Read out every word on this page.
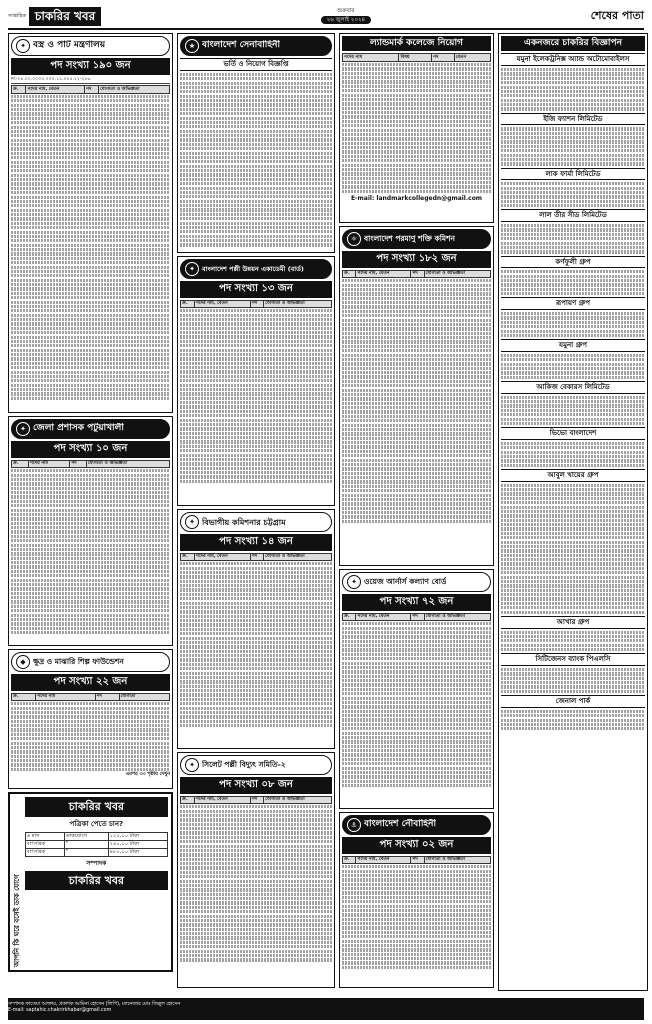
সাপ্তাহিক চাকরির খবর	শুক্রবার
২৬ জুলাই ২০২৪	শেষের পাতা
✦ বস্ত্র ও পাট মন্ত্রণালয়
পদ সংখ্যা ১৯০ জন
নং-২৪.০০.০০০০.০০০.১১.০০৫.২২-২৮৬
ক্র.	পদের নাম, বেতন	পদ	যোগ্যতা ও অভিজ্ঞতা
✦ জেলা প্রশাসক পটুয়াখালী
পদ সংখ্যা ১০ জন
ক্র.	পদের নাম	পদ	যোগ্যতা ও অভিজ্ঞতা
◆ ক্ষুদ্র ও মাঝারি শিল্প ফাউন্ডেশন
পদ সংখ্যা ২২ জন
ক্র.	পদের নাম	পদ	যোগ্যতা
এরপর ৩৩ পৃষ্ঠায় দেখুন
আপনি কি ঘরে বসেই ডাক যোগে
চাকরির খবর
পত্রিকা পেতে চান?
৬ মাস	ডাকযোগে	১২০,০০ টাকা
বাৎসরিক	"	২৪০,০০ টাকা
বাৎসরিক	"	৪৮০,০০ টাকা
সম্পাদক
চাকরির খবর
★ বাংলাদেশ সেনাবাহিনী
ভর্তি ও নিয়োগ বিজ্ঞপ্তি
✦	বাংলাদেশ পল্লী উন্নয়ন একাডেমী (বার্ড)
পদ সংখ্যা ১৩ জন
ক্র.	পদের নাম, বেতন	পদ	যোগ্যতা ও অভিজ্ঞতা
✦ বিভাগীয় কমিশনার চট্টগ্রাম
পদ সংখ্যা ১৪ জন
ক্র.	পদের নাম, বেতন	পদ	যোগ্যতা ও অভিজ্ঞতা
✦ সিলেট পল্লী বিদ্যুৎ সমিতি-২
পদ সংখ্যা ০৮ জন
ক্র.	পদের নাম, বেতন	পদ	যোগ্যতা ও অভিজ্ঞতা
ল্যান্ডমার্ক কলেজে নিয়োগ
পদের নাম	বিষয়	পদ	বেতন
E-mail: landmarkcollegedn@gmail.com
⚛ বাংলাদেশ পরমাণু শক্তি কমিশন
পদ সংখ্যা ১৮২ জন
ক্র.	পদের নাম, বেতন	পদ	যোগ্যতা ও অভিজ্ঞতা
✦ ওয়েজ আর্নার্স কল্যাণ বোর্ড
পদ সংখ্যা ৭২ জন
ক্র.	পদের নাম, বেতন	পদ	যোগ্যতা ও অভিজ্ঞতা
⚓ বাংলাদেশ নৌবাহিনী
পদ সংখ্যা ০২ জন
ক্র.	পদের নাম, বেতন	পদ	যোগ্যতা ও অভিজ্ঞতা
একনজরে চাকরির বিজ্ঞাপন
যমুনা ইলেকট্রনিক্স অ্যান্ড অটোমোবাইলস
ইজি ফ্যাশন লিমিটেড
লাক ফার্মা লিমিটেড
লাল তীর সীড লিমিটেড
কর্ণফুলী গ্রুপ
রূপায়ণ গ্রুপ
যমুনা গ্রুপ
আকিজ বেকারস লিমিটেড
ভিভো বাংলাদেশ
আবুল খায়ের গ্রুপ
আখার গ্রুপ
সিটিজেনস ব্যাংক পিএলসি
জেনাল পার্ক
সম্পাদক ফাতেমা আক্তার, প্রকাশক আমিনা হোসেন (লিপি), ম্যানেজার মোঃ জিল্লুল হোসেন
E-mail: saptahic.chakrirkhabar@gmail.com
